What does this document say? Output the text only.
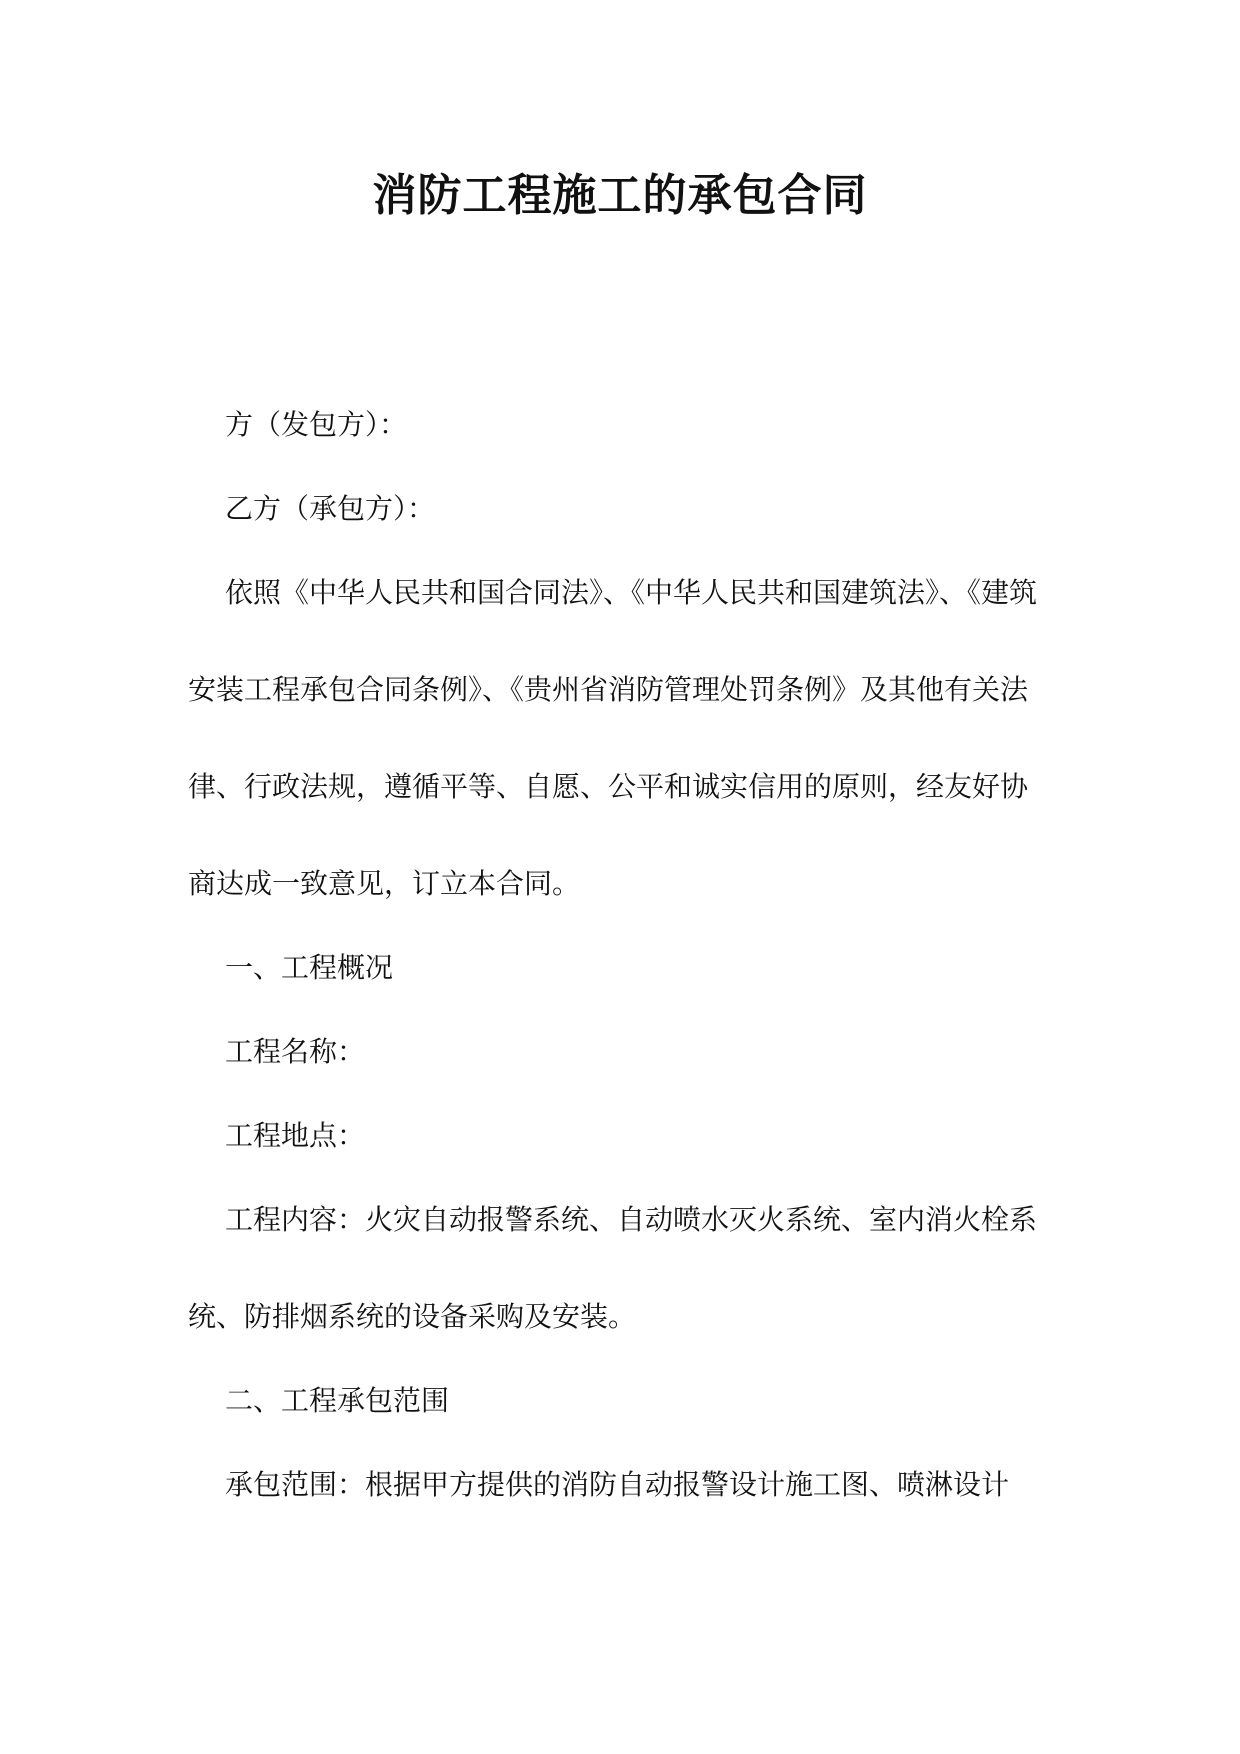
消防工程施工的承包合同
方（发包方）：
乙方（承包方）：
依照《中华人民共和国合同法》、《中华人民共和国建筑法》、《建筑
安装工程承包合同条例》、《贵州省消防管理处罚条例》及其他有关法
律、行政法规，遵循平等、自愿、公平和诚实信用的原则，经友好协
商达成一致意见，订立本合同。
一、工程概况
工程名称：
工程地点：
工程内容：火灾自动报警系统、自动喷水灭火系统、室内消火栓系
统、防排烟系统的设备采购及安装。
二、工程承包范围
承包范围：根据甲方提供的消防自动报警设计施工图、喷淋设计
